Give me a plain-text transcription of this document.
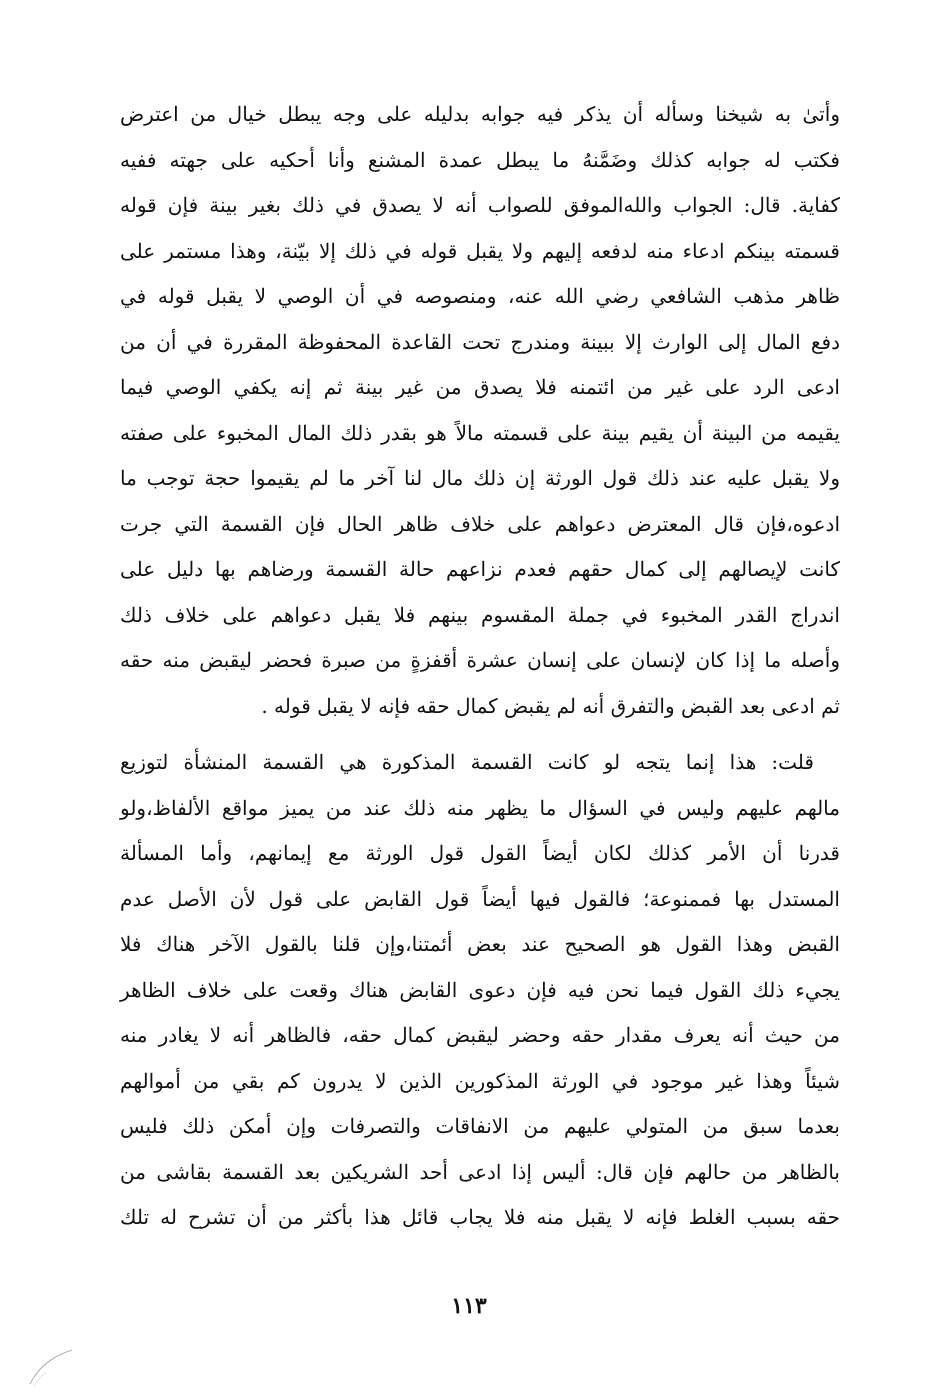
وأتىٰ به شيخنا وسأله أن يذكر فيه جوابه بدليله على وجه يبطل خيال من اعترض
فكتب له جوابه كذلك وضَمَّنهُ ما يبطل عمدة المشنع وأنا أحكيه على جهته ففيه
كفاية. قال: الجواب والله‌الموفق للصواب أنه لا يصدق في ذلك بغير بينة فإن قوله
قسمته بينكم ادعاء منه لدفعه إليهم ولا يقبل قوله في ذلك إلا بيّنة، وهذا مستمر على
ظاهر مذهب الشافعي رضي الله عنه، ومنصوصه في أن الوصي لا يقبل قوله في
دفع المال إلى الوارث إلا ببينة ومندرج تحت القاعدة المحفوظة المقررة في أن من
ادعى الرد على غير من ائتمنه فلا يصدق من غير بينة ثم إنه يكفي الوصي فيما
يقيمه من البينة أن يقيم بينة على قسمته مالاً هو بقدر ذلك المال المخبوء على صفته
ولا يقبل عليه عند ذلك قول الورثة إن ذلك مال لنا آخر ما لم يقيموا حجة توجب ما
ادعوه،فإن قال المعترض دعواهم على خلاف ظاهر الحال فإن القسمة التي جرت
كانت لإيصالهم إلى كمال حقهم فعدم نزاعهم حالة القسمة ورضاهم بها دليل على
اندراج القدر المخبوء في جملة المقسوم بينهم فلا يقبل دعواهم على خلاف ذلك
وأصله ما إذا كان لإنسان على إنسان عشرة أقفزةٍ من صبرة فحضر ليقبض منه حقه
ثم ادعى بعد القبض والتفرق أنه لم يقبض كمال حقه فإنه لا يقبل قوله .
قلت: هذا إنما يتجه لو كانت القسمة المذكورة هي القسمة المنشأة لتوزيع
مالهم عليهم وليس في السؤال ما يظهر منه ذلك عند من يميز مواقع الألفاظ،ولو
قدرنا أن الأمر كذلك لكان أيضاً القول قول الورثة مع إيمانهم، وأما المسألة
المستدل بها فممنوعة؛ فالقول فيها أيضاً قول القابض على قول لأن الأصل عدم
القبض وهذا القول هو الصحيح عند بعض أئمتنا،وإن قلنا بالقول الآخر هناك فلا
يجيء ذلك القول فيما نحن فيه فإن دعوى القابض هناك وقعت على خلاف الظاهر
من حيث أنه يعرف مقدار حقه وحضر ليقبض كمال حقه، فالظاهر أنه لا يغادر منه
شيئاً وهذا غير موجود في الورثة المذكورين الذين لا يدرون كم بقي من أموالهم
بعدما سبق من المتولي عليهم من الانفاقات والتصرفات وإن أمكن ذلك فليس
بالظاهر من حالهم فإن قال: أليس إذا ادعى أحد الشريكين بعد القسمة بقاشى من
حقه بسبب الغلط فإنه لا يقبل منه فلا يجاب قائل هذا بأكثر من أن تشرح له تلك
١١٣
